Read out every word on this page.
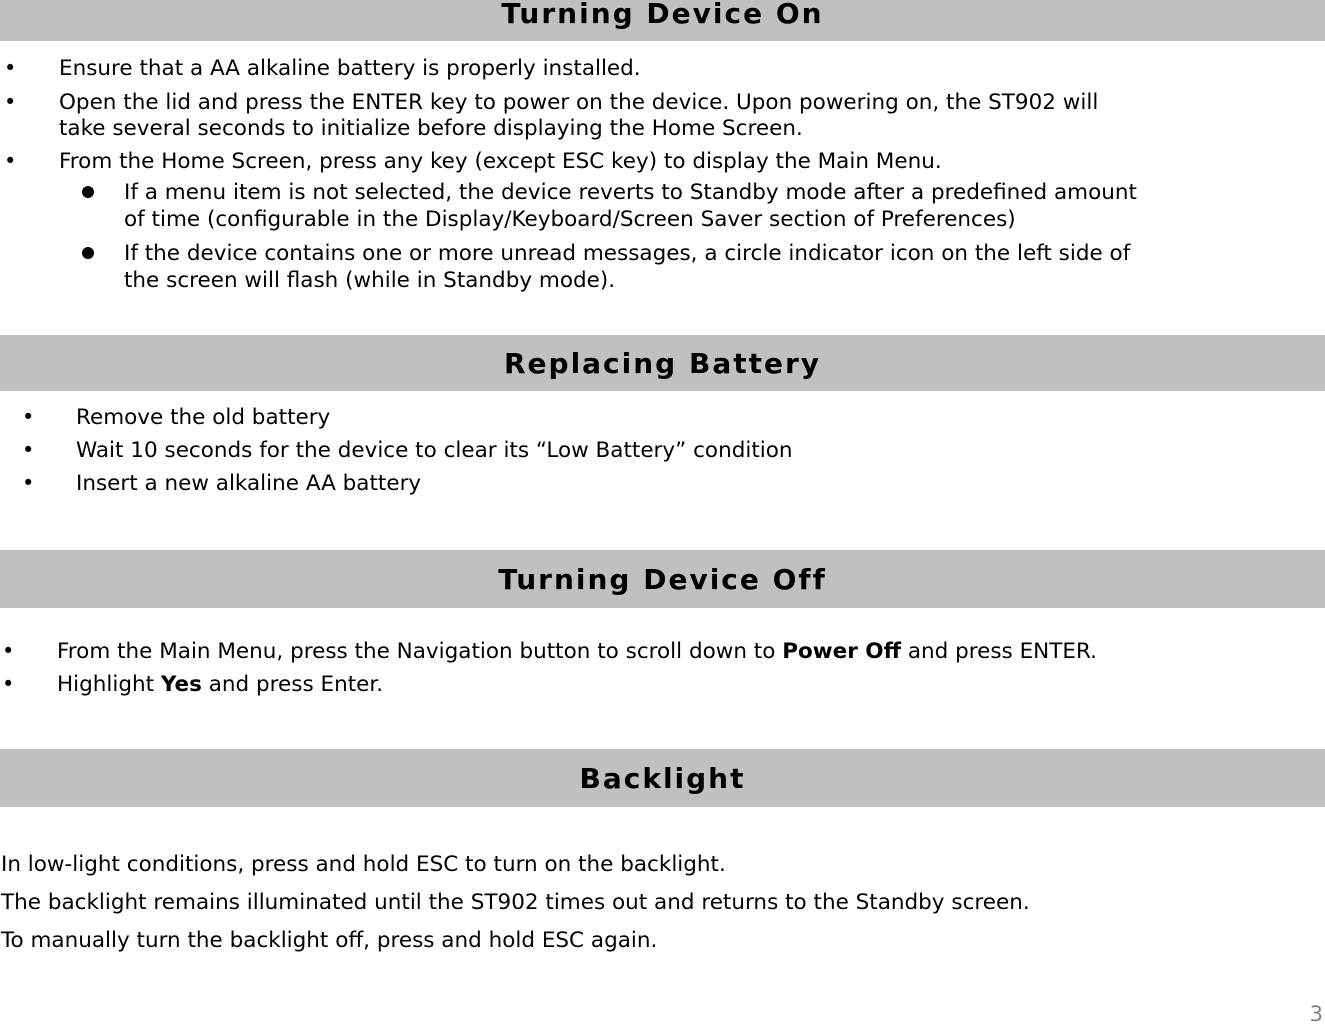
Turning Device On
• Ensure that a AA alkaline battery is properly installed.
• Open the lid and press the ENTER key to power on the device. Upon powering on, the ST902 will
take several seconds to initialize before displaying the Home Screen.
• From the Home Screen, press any key (except ESC key) to display the Main Menu.
If a menu item is not selected, the device reverts to Standby mode after a predefined amount
of time (configurable in the Display/Keyboard/Screen Saver section of Preferences)
If the device contains one or more unread messages, a circle indicator icon on the left side of
the screen will flash (while in Standby mode).
Replacing Battery
• Remove the old battery
• Wait 10 seconds for the device to clear its “Low Battery” condition
• Insert a new alkaline AA battery
Turning Device Off
• From the Main Menu, press the Navigation button to scroll down to Power Off and press ENTER.
• Highlight Yes and press Enter.
Backlight
In low-light conditions, press and hold ESC to turn on the backlight.
The backlight remains illuminated until the ST902 times out and returns to the Standby screen.
To manually turn the backlight off, press and hold ESC again.
3
